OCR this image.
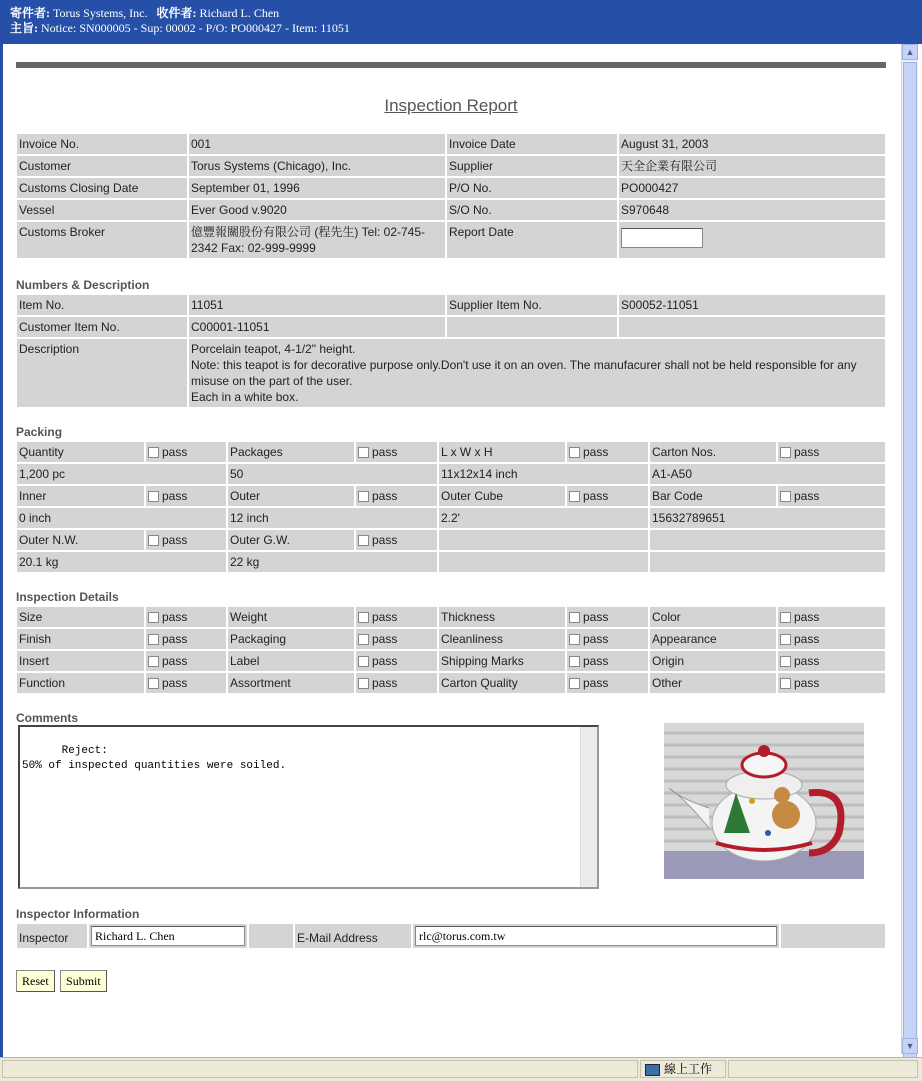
寄件者: Torus Systems, Inc. 收件者: Richard L. Chen
主旨: Notice: SN000005 - Sup: 00002 - P/O: PO000427 - Item: 11051
▲
▼
Inspection Report
Invoice No.	001	Invoice Date	August 31, 2003
Customer	Torus Systems (Chicago), Inc.	Supplier	天全企業有限公司
Customs Closing Date	September 01, 1996	P/O No.	PO000427
Vessel	Ever Good v.9020	S/O No.	S970648
Customs Broker	億豐報關股份有限公司 (程先生) Tel: 02-745-2342 Fax: 02-999-9999	Report Date	
Numbers & Description
Item No.	11051	Supplier Item No.	S00052-11051
Customer Item No.	C00001-11051		
Description	Porcelain teapot, 4-1/2" height.
Note: this teapot is for decorative purpose only.Don't use it on an oven. The manufacurer shall not be held responsible for any misuse on the part of the user.
Each in a white box.		
Packing
Quantity	pass	Packages	pass	L x W x H	pass	Carton Nos.	pass
1,200 pc		50		11x12x14 inch		A1-A50	
Inner	pass	Outer	pass	Outer Cube	pass	Bar Code	pass
0 inch		12 inch		2.2'		15632789651	
Outer N.W.	pass	Outer G.W.	pass				
20.1 kg		22 kg					
Inspection Details
Size	pass	Weight	pass	Thickness	pass	Color	pass
Finish	pass	Packaging	pass	Cleanliness	pass	Appearance	pass
Insert	pass	Label	pass	Shipping Marks	pass	Origin	pass
Function	pass	Assortment	pass	Carton Quality	pass	Other	pass
Comments

Reject:
50% of inspected quantities were soiled.

Inspector Information
Inspector	Richard L. Chen		E-Mail Address	rlc@torus.com.tw	
Reset Submit
線上工作
